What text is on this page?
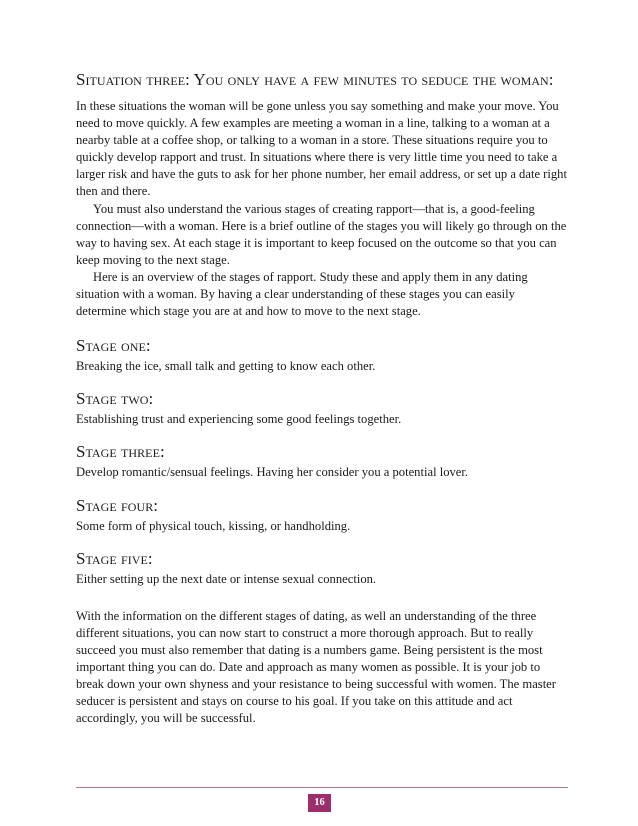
Situation three: You only have a few minutes to seduce the woman:

In these situations the woman will be gone unless you say something and make your move. You need to move quickly. A few examples are meeting a woman in a line, talking to a woman at a nearby table at a coffee shop, or talking to a woman in a store. These situations require you to quickly develop rapport and trust. In situations where there is very little time you need to take a larger risk and have the guts to ask for her phone number, her email address, or set up a date right then and there.

You must also understand the various stages of creating rapport—that is, a good-feeling connection—with a woman. Here is a brief outline of the stages you will likely go through on the way to having sex. At each stage it is important to keep focused on the outcome so that you can keep moving to the next stage.

Here is an overview of the stages of rapport. Study these and apply them in any dating situation with a woman. By having a clear understanding of these stages you can easily determine which stage you are at and how to move to the next stage.

Stage one:

Breaking the ice, small talk and getting to know each other.

Stage two:

Establishing trust and experiencing some good feelings together.

Stage three:

Develop romantic/sensual feelings. Having her consider you a potential lover.

Stage four:

Some form of physical touch, kissing, or handholding.

Stage five:

Either setting up the next date or intense sexual connection.

With the information on the different stages of dating, as well an understanding of the three different situations, you can now start to construct a more thorough approach. But to really succeed you must also remember that dating is a numbers game. Being persistent is the most important thing you can do. Date and approach as many women as possible. It is your job to break down your own shyness and your resistance to being successful with women. The master seducer is persistent and stays on course to his goal. If you take on this attitude and act accordingly, you will be successful.

16
